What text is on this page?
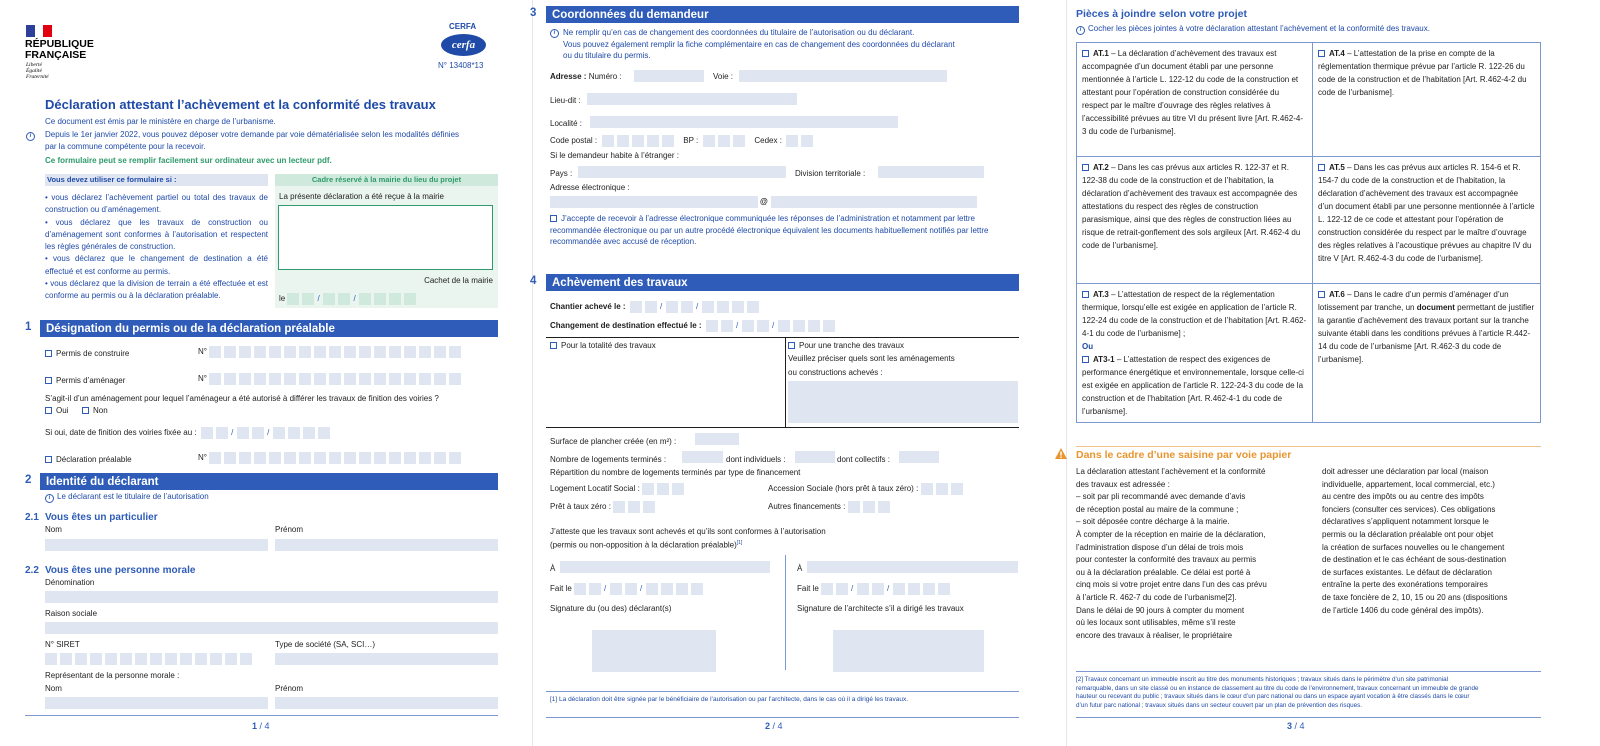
RÉPUBLIQUE
FRANÇAISE
Liberté
Égalité
Fraternité
CERFA
cerfa
N° 13408*13
Déclaration attestant l’achèvement et la conformité des travaux
Ce document est émis par le ministère en charge de l’urbanisme.
i	Depuis le 1er janvier 2022, vous pouvez déposer votre demande par voie dématérialisée selon les modalités définies
par la commune compétente pour la recevoir.
Ce formulaire peut se remplir facilement sur ordinateur avec un lecteur pdf.
Vous devez utiliser ce formulaire si :
• vous déclarez l’achèvement partiel ou total des travaux de construction ou d’aménagement.
• vous déclarez que les travaux de construction ou d’aménagement sont conformes à l’autorisation et respectent les règles générales de construction.
• vous déclarez que le changement de destination a été effectué et est conforme au permis.
• vous déclarez que la division de terrain a été effectuée et est conforme au permis ou à la déclaration préalable.
Cadre réservé à la mairie du lieu du projet
La présente déclaration a été reçue à la mairie
Cachet de la mairie
le	/	/
1	Désignation du permis ou de la déclaration préalable
Permis de construire	N°
Permis d’aménager	N°
S’agit-il d’un aménagement pour lequel l’aménageur a été autorisé à différer les travaux de finition des voiries ?
Oui	Non
Si oui, date de finition des voiries fixée au :	/	/
Déclaration préalable	N°
2	Identité du déclarant
i Le déclarant est le titulaire de l’autorisation
2.1 Vous êtes un particulier
Nom	Prénom
2.2 Vous êtes une personne morale
Dénomination
Raison sociale
N° SIRET	Type de société (SA, SCI…)
Représentant de la personne morale :
Nom	Prénom
1 / 4
3	Coordonnées du demandeur
i Ne remplir qu’en cas de changement des coordonnées du titulaire de l’autorisation ou du déclarant.
Vous pouvez également remplir la fiche complémentaire en cas de changement des coordonnées du déclarant
ou du titulaire du permis.
Adresse : Numéro :	Voie :
Lieu-dit :
Localité :
Code postal :	BP :	Cedex :
Si le demandeur habite à l’étranger :
Pays :	Division territoriale :
Adresse électronique :
@
J’accepte de recevoir à l’adresse électronique communiquée les réponses de l’administration et notamment par lettre recommandée électronique ou par un autre procédé électronique équivalent les documents habituellement notifiés par lettre recommandée avec accusé de réception.
4	Achèvement des travaux
Chantier achevé le :	/	/
Changement de destination effectué le :	/	/
Pour la totalité des travaux	Pour une tranche des travaux
Veuillez préciser quels sont les aménagements
ou constructions achevés :
Surface de plancher créée (en m²) :
Nombre de logements terminés :	dont individuels :	dont collectifs :
Répartition du nombre de logements terminés par type de financement
Logement Locatif Social :	Accession Sociale (hors prêt à taux zéro) :
Prêt à taux zéro :	Autres financements :
J’atteste que les travaux sont achevés et qu’ils sont conformes à l’autorisation
(permis ou non-opposition à la déclaration préalable)[1]
À	À
Fait le	/	/	Fait le	/	/
Signature du (ou des) déclarant(s)	Signature de l’architecte s’il a dirigé les travaux
[1] La déclaration doit être signée par le bénéficiaire de l’autorisation ou par l’architecte, dans le cas où il a dirigé les travaux.
2 / 4
Pièces à joindre selon votre projet
i Cocher les pièces jointes à votre déclaration attestant l’achèvement et la conformité des travaux.
AT.1 – La déclaration d’achèvement des travaux est accompagnée d’un document établi par une personne mentionnée à l’article L. 122-12 du code de la construction et attestant pour l’opération de construction considérée du respect par le maître d’ouvrage des règles relatives à l’accessibilité prévues au titre VI du présent livre [Art. R.462-4-3 du code de l’urbanisme].
AT.4 – L’attestation de la prise en compte de la réglementation thermique prévue par l’article R. 122-26 du code de la construction et de l’habitation [Art. R.462-4-2 du code de l’urbanisme].
AT.2 – Dans les cas prévus aux articles R. 122-37 et R. 122-38 du code de la construction et de l’habitation, la déclaration d’achèvement des travaux est accompagnée des attestations du respect des règles de construction parasismique, ainsi que des règles de construction liées au risque de retrait-gonflement des sols argileux [Art. R.462-4 du code de l’urbanisme].
AT.5 – Dans les cas prévus aux articles R. 154-6 et R. 154-7 du code de la construction et de l’habitation, la déclaration d’achèvement des travaux est accompagnée d’un document établi par une personne mentionnée à l’article L. 122-12 de ce code et attestant pour l’opération de construction considérée du respect par le maître d’ouvrage des règles relatives à l’acoustique prévues au chapitre IV du titre V [Art. R.462-4-3 du code de l’urbanisme].
AT.3 – L’attestation de respect de la réglementation thermique, lorsqu’elle est exigée en application de l’article R. 122-24 du code de la construction et de l’habitation [Art. R.462-4-1 du code de l’urbanisme] ;
Ou
AT3-1 – L’attestation de respect des exigences de performance énergétique et environnementale, lorsque celle-ci est exigée en application de l’article R. 122-24-3 du code de la construction et de l’habitation [Art. R.462-4-1 du code de l’urbanisme].
AT.6 – Dans le cadre d’un permis d’aménager d’un lotissement par tranche, un document permettant de justifier la garantie d’achèvement des travaux portant sur la tranche suivante établi dans les conditions prévues à l’article R.442-14 du code de l’urbanisme [Art. R.462-3 du code de l’urbanisme].
Dans le cadre d’une saisine par voie papier
La déclaration attestant l’achèvement et la conformité
des travaux est adressée :
– soit par pli recommandé avec demande d’avis
de réception postal au maire de la commune ;
– soit déposée contre décharge à la mairie.
À compter de la réception en mairie de la déclaration,
l’administration dispose d’un délai de trois mois
pour contester la conformité des travaux au permis
ou à la déclaration préalable. Ce délai est porté à
cinq mois si votre projet entre dans l’un des cas prévu
à l’article R. 462-7 du code de l’urbanisme[2].
Dans le délai de 90 jours à compter du moment
où les locaux sont utilisables, même s’il reste
encore des travaux à réaliser, le propriétaire
doit adresser une déclaration par local (maison
individuelle, appartement, local commercial, etc.)
au centre des impôts ou au centre des impôts
fonciers (consulter ces services). Ces obligations
déclaratives s’appliquent notamment lorsque le
permis ou la déclaration préalable ont pour objet
la création de surfaces nouvelles ou le changement
de destination et le cas échéant de sous-destination
de surfaces existantes. Le défaut de déclaration
entraîne la perte des exonérations temporaires
de taxe foncière de 2, 10, 15 ou 20 ans (dispositions
de l’article 1406 du code général des impôts).
[2] Travaux concernant un immeuble inscrit au titre des monuments historiques ; travaux situés dans le périmètre d’un site patrimonial
remarquable, dans un site classé ou en instance de classement au titre du code de l’environnement, travaux concernant un immeuble de grande
hauteur ou recevant du public ; travaux situés dans le cœur d’un parc national ou dans un espace ayant vocation à être classés dans le cœur
d’un futur parc national ; travaux situés dans un secteur couvert par un plan de prévention des risques.
3 / 4
